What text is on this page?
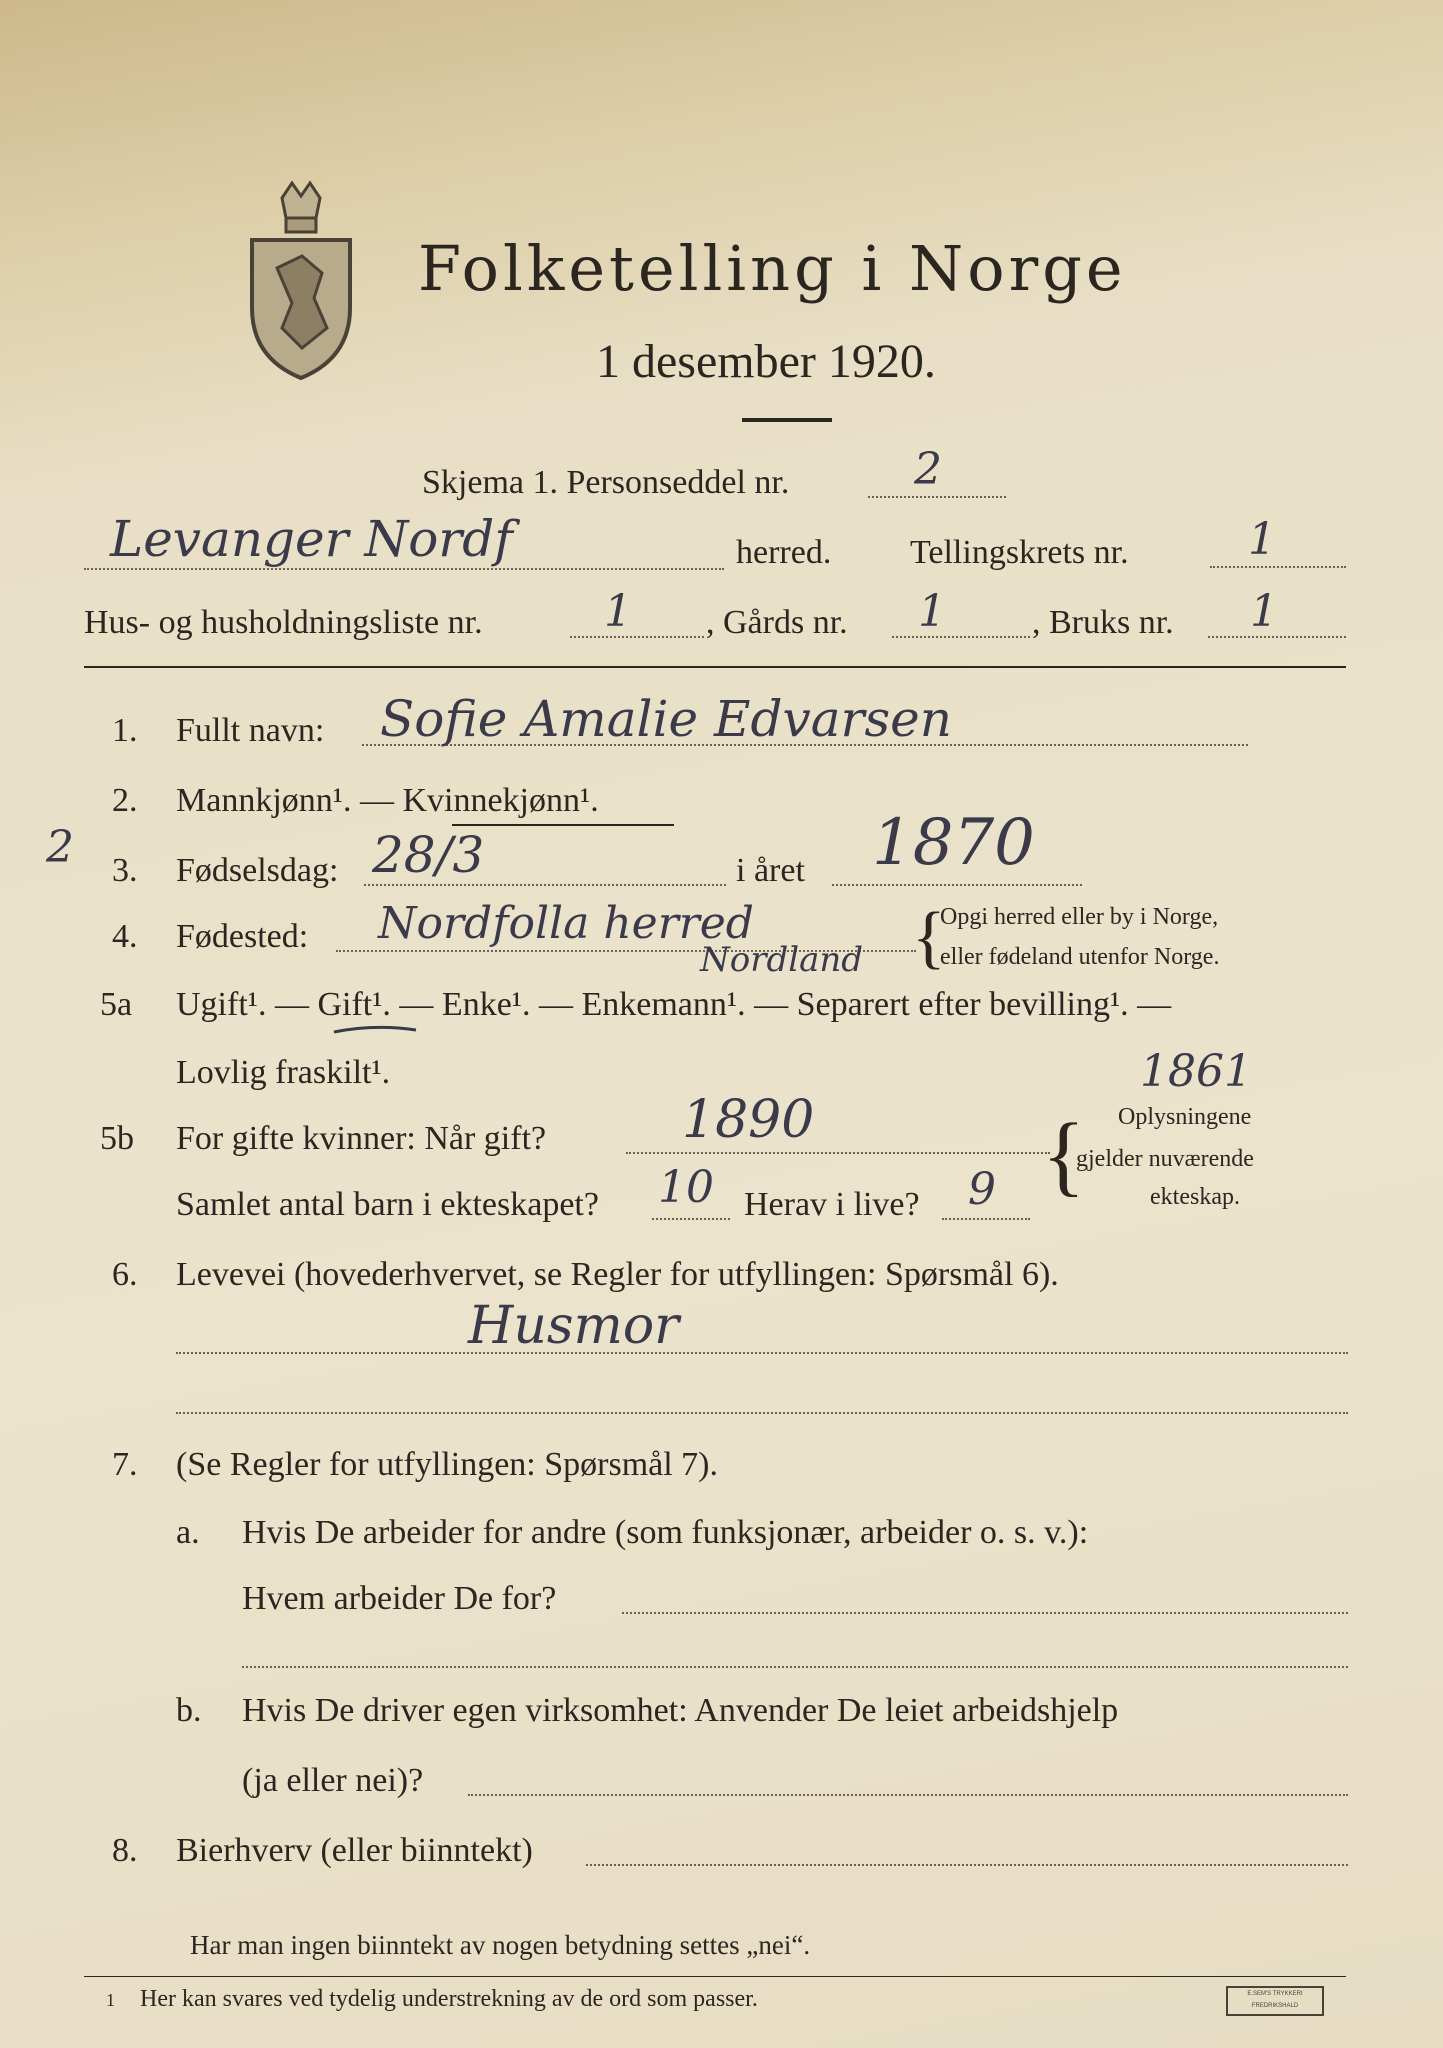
Folketelling i Norge
1 desember 1920.
Skjema 1. Personseddel nr.	2
Levanger Nordf	herred. Tellingskrets nr.	1
Hus- og husholdningsliste nr.	1 , Gårds nr. 1	, Bruks nr. 1
1. Fullt navn: Sofie Amalie Edvarsen
2. Mannkjønn¹. — Kvinnekjønn¹.
2 3. Fødselsdag: 28/3	i året 1870
4. Fødested: Nordfolla herred
Nordland {
Opgi herred eller by i Norge,
eller fødeland utenfor Norge.
5a Ugift¹. — Gift¹. — Enke¹. — Enkemann¹. — Separert efter bevilling¹. —
Lovlig fraskilt¹.	1861
5b For gifte kvinner: Når gift?	1890
Samlet antal barn i ekteskapet? 10 Herav i live? 9 { Oplysningene
gjelder nuværende
ekteskap.
6. Levevei (hovederhvervet, se Regler for utfyllingen: Spørsmål 6).
Husmor
7. (Se Regler for utfyllingen: Spørsmål 7).
a. Hvis De arbeider for andre (som funksjonær, arbeider o. s. v.):
Hvem arbeider De for?
b. Hvis De driver egen virksomhet: Anvender De leiet arbeidshjelp
(ja eller nei)?
8. Bierhverv (eller biinntekt)
Har man ingen biinntekt av nogen betydning settes „nei“.
1 Her kan svares ved tydelig understrekning av de ord som passer.	E.SEM'S TRYKKERI FREDRIKSHALD
